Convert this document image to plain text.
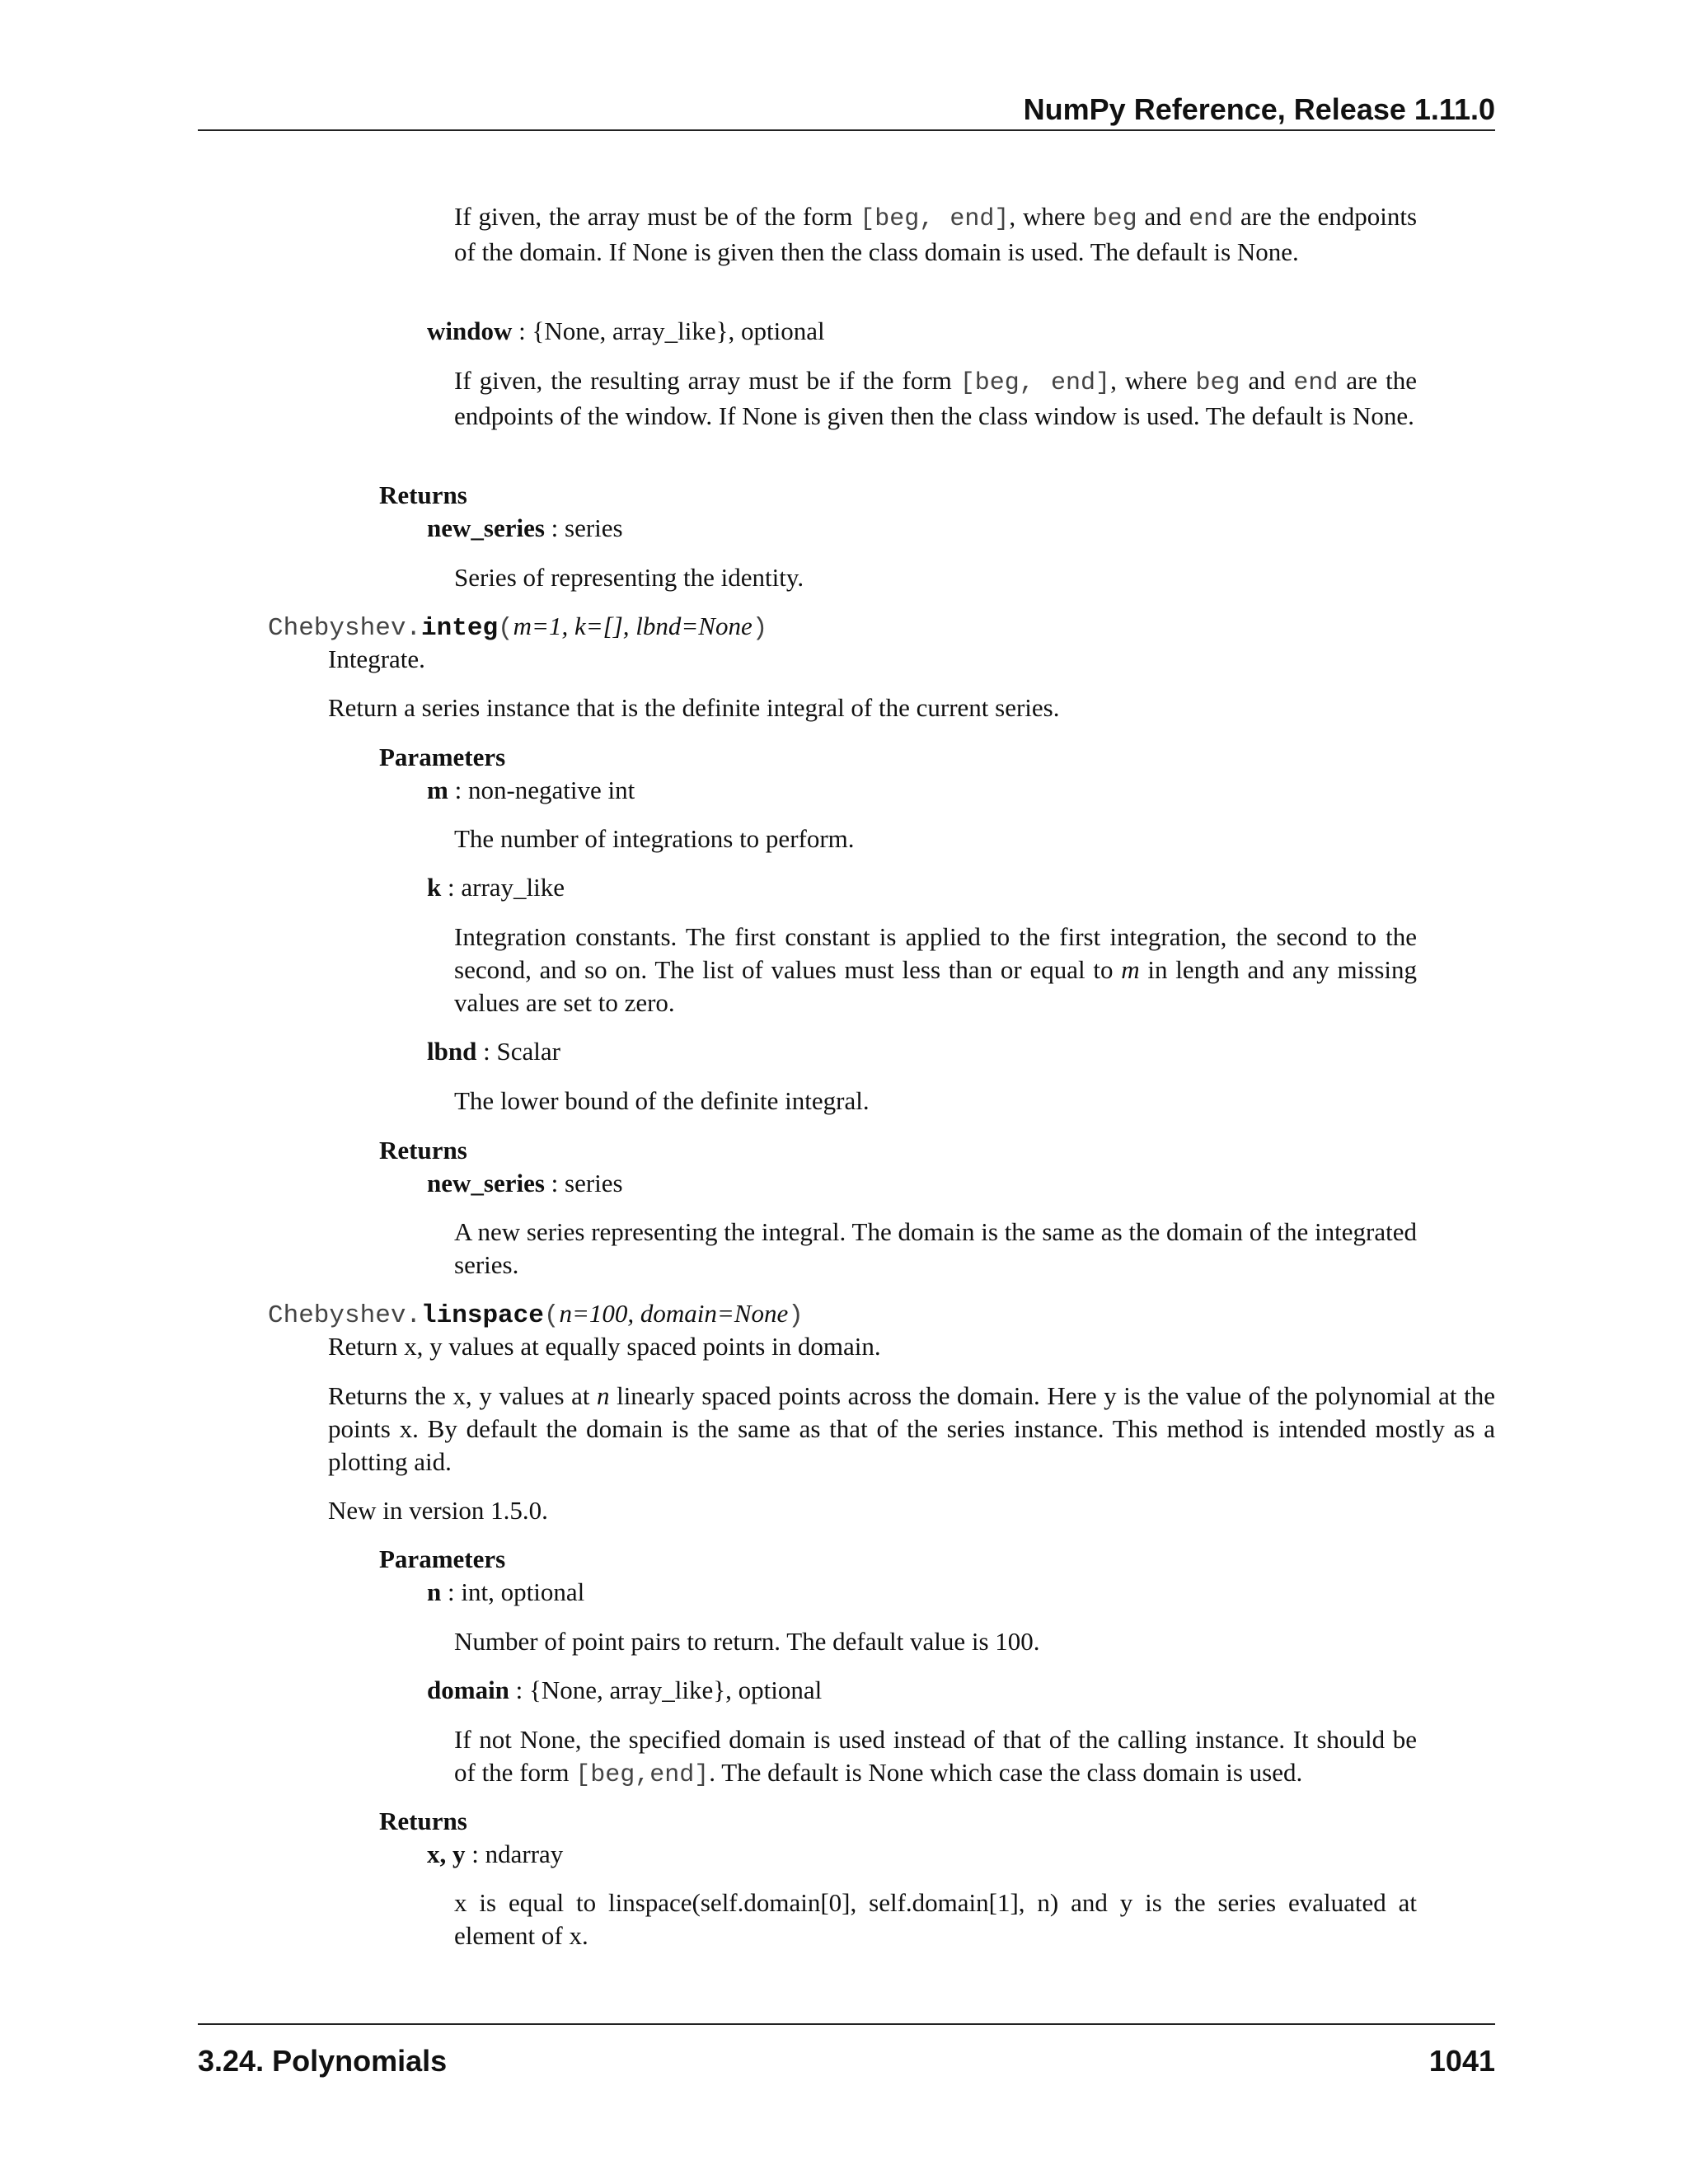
NumPy Reference, Release 1.11.0
If given, the array must be of the form [beg, end], where beg and end are the endpoints of the domain. If None is given then the class domain is used. The default is None.
window : {None, array_like}, optional
If given, the resulting array must be if the form [beg, end], where beg and end are the endpoints of the window. If None is given then the class window is used. The default is None.
Returns
new_series : series
Series of representing the identity.
Chebyshev.integ(m=1, k=[], lbnd=None)
Integrate.
Return a series instance that is the definite integral of the current series.
Parameters
m : non-negative int
The number of integrations to perform.
k : array_like
Integration constants. The first constant is applied to the first integration, the second to the second, and so on. The list of values must less than or equal to m in length and any missing values are set to zero.
lbnd : Scalar
The lower bound of the definite integral.
Returns
new_series : series
A new series representing the integral. The domain is the same as the domain of the integrated series.
Chebyshev.linspace(n=100, domain=None)
Return x, y values at equally spaced points in domain.
Returns the x, y values at n linearly spaced points across the domain. Here y is the value of the polynomial at the points x. By default the domain is the same as that of the series instance. This method is intended mostly as a plotting aid.
New in version 1.5.0.
Parameters
n : int, optional
Number of point pairs to return. The default value is 100.
domain : {None, array_like}, optional
If not None, the specified domain is used instead of that of the calling instance. It should be of the form [beg,end]. The default is None which case the class domain is used.
Returns
x, y : ndarray
x is equal to linspace(self.domain[0], self.domain[1], n) and y is the series evaluated at element of x.
3.24. Polynomials	1041
